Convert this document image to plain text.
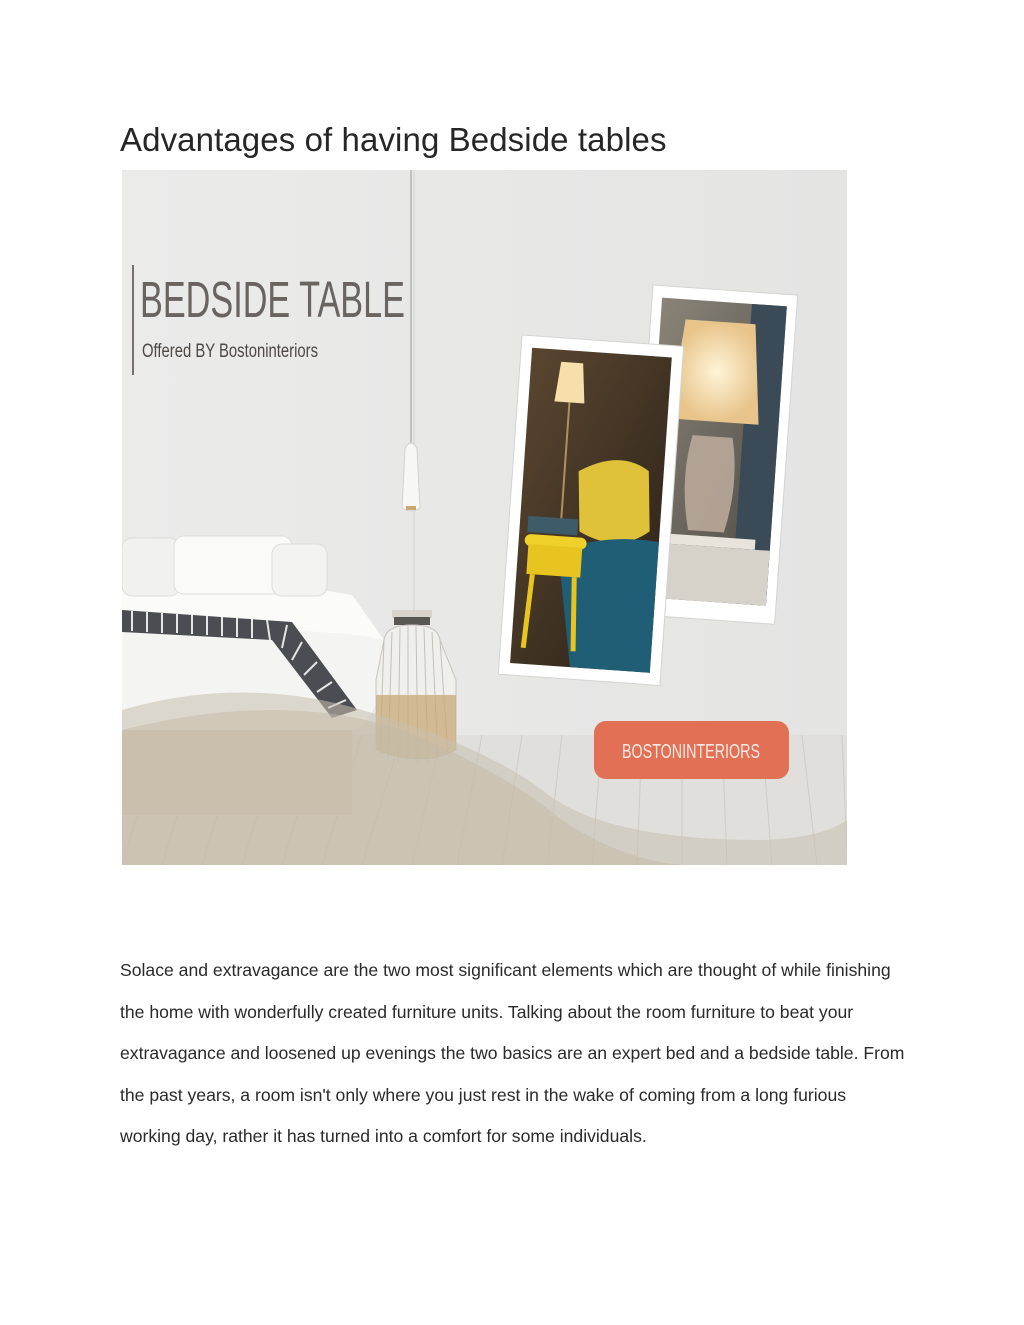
Advantages of having Bedside tables
BEDSIDE TABLE
Offered BY Bostoninteriors
BOSTONINTERIORS

Solace and extravagance are the two most significant elements which are thought of while finishing the home with wonderfully created furniture units. Talking about the room furniture to beat your extravagance and loosened up evenings the two basics are an expert bed and a bedside table. From the past years, a room isn't only where you just rest in the wake of coming from a long furious working day, rather it has turned into a comfort for some individuals.
